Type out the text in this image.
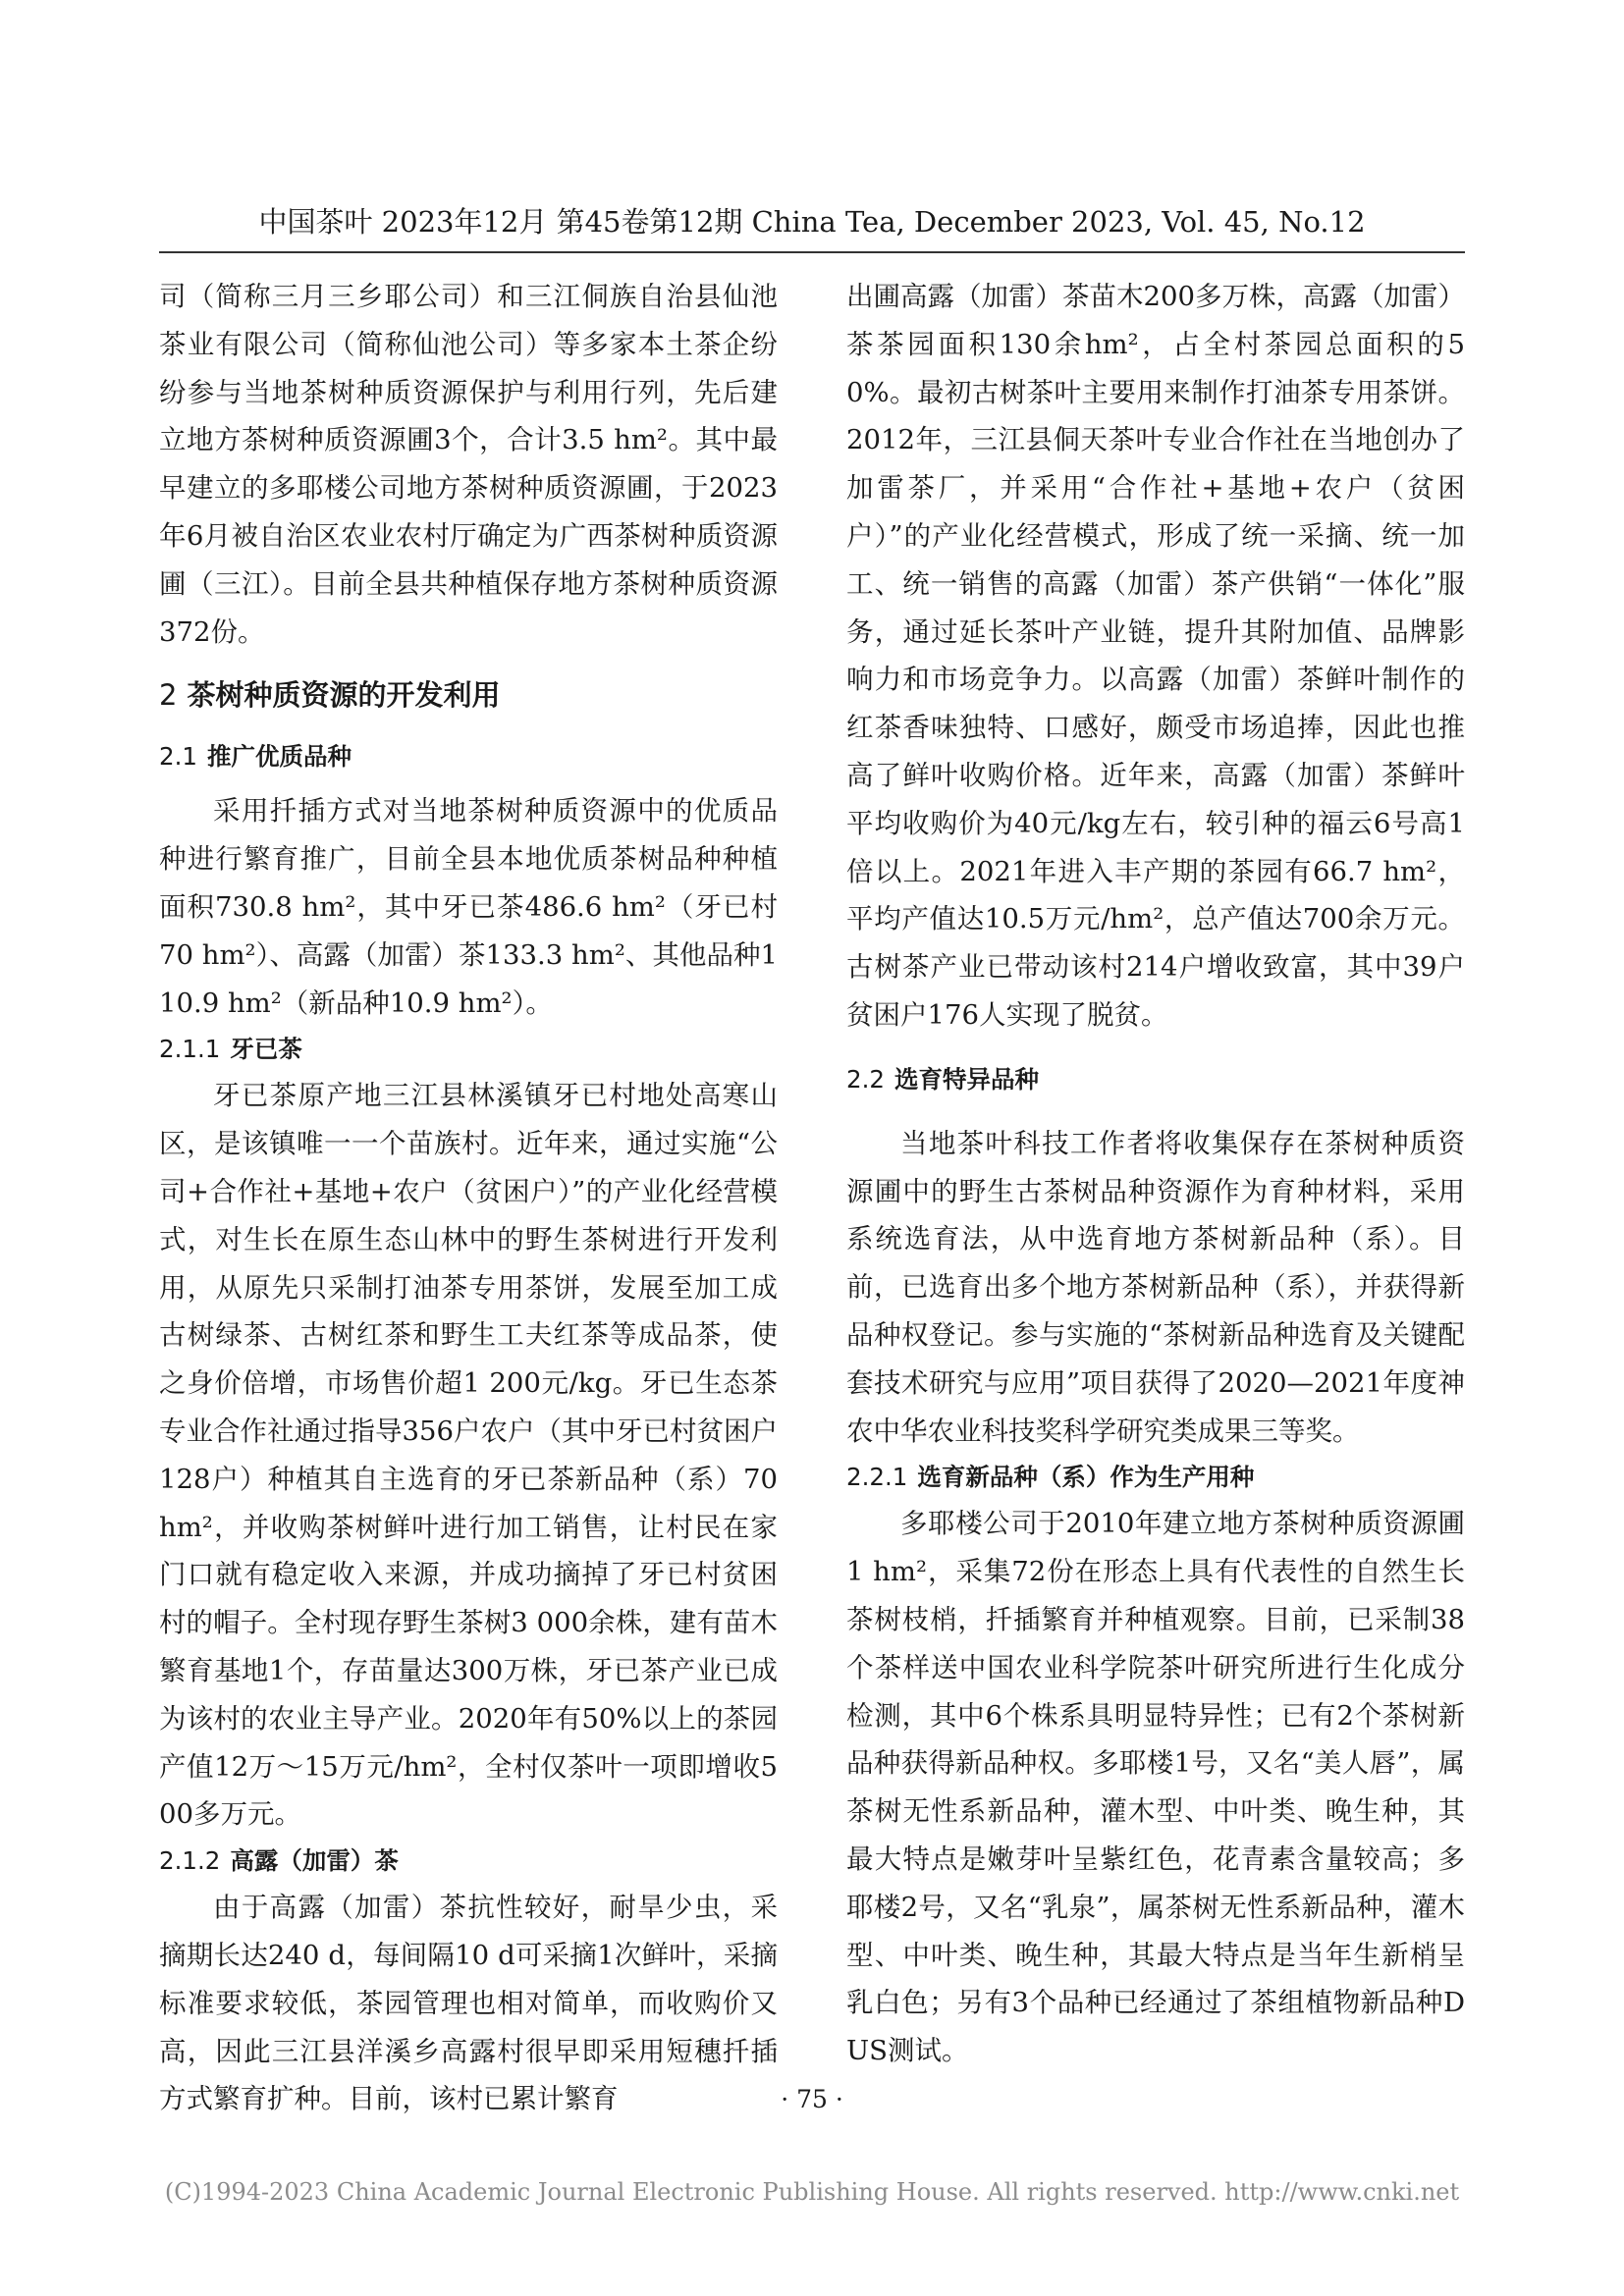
中国茶叶 2023年12月 第45卷第12期 China Tea, December 2023, Vol. 45, No.12

司（简称三月三乡耶公司）和三江侗族自治县仙池茶业有限公司（简称仙池公司）等多家本土茶企纷纷参与当地茶树种质资源保护与利用行列，先后建立地方茶树种质资源圃3个，合计3.5 hm²。其中最早建立的多耶楼公司地方茶树种质资源圃，于2023年6月被自治区农业农村厅确定为广西茶树种质资源圃（三江）。目前全县共种植保存地方茶树种质资源372份。

2 茶树种质资源的开发利用

2.1 推广优质品种

采用扦插方式对当地茶树种质资源中的优质品种进行繁育推广，目前全县本地优质茶树品种种植面积730.8 hm²，其中牙已茶486.6 hm²（牙已村70 hm²）、高露（加雷）茶133.3 hm²、其他品种110.9 hm²（新品种10.9 hm²）。

2.1.1 牙已茶

牙已茶原产地三江县林溪镇牙已村地处高寒山区，是该镇唯一一个苗族村。近年来，通过实施“公司+合作社+基地+农户（贫困户）”的产业化经营模式，对生长在原生态山林中的野生茶树进行开发利用，从原先只采制打油茶专用茶饼，发展至加工成古树绿茶、古树红茶和野生工夫红茶等成品茶，使之身价倍增，市场售价超1 200元/kg。牙已生态茶专业合作社通过指导356户农户（其中牙已村贫困户128户）种植其自主选育的牙已茶新品种（系）70 hm²，并收购茶树鲜叶进行加工销售，让村民在家门口就有稳定收入来源，并成功摘掉了牙已村贫困村的帽子。全村现存野生茶树3 000余株，建有苗木繁育基地1个，存苗量达300万株，牙已茶产业已成为该村的农业主导产业。2020年有50%以上的茶园产值12万～15万元/hm²，全村仅茶叶一项即增收500多万元。

2.1.2 高露（加雷）茶

由于高露（加雷）茶抗性较好，耐旱少虫，采摘期长达240 d，每间隔10 d可采摘1次鲜叶，采摘标准要求较低，茶园管理也相对简单，而收购价又高，因此三江县洋溪乡高露村很早即采用短穗扦插方式繁育扩种。目前，该村已累计繁育

出圃高露（加雷）茶苗木200多万株，高露（加雷）茶茶园面积130余hm²，占全村茶园总面积的50%。最初古树茶叶主要用来制作打油茶专用茶饼。2012年，三江县侗天茶叶专业合作社在当地创办了加雷茶厂，并采用“合作社+基地+农户（贫困户）”的产业化经营模式，形成了统一采摘、统一加工、统一销售的高露（加雷）茶产供销“一体化”服务，通过延长茶叶产业链，提升其附加值、品牌影响力和市场竞争力。以高露（加雷）茶鲜叶制作的红茶香味独特、口感好，颇受市场追捧，因此也推高了鲜叶收购价格。近年来，高露（加雷）茶鲜叶平均收购价为40元/kg左右，较引种的福云6号高1倍以上。2021年进入丰产期的茶园有66.7 hm²，平均产值达10.5万元/hm²，总产值达700余万元。古树茶产业已带动该村214户增收致富，其中39户贫困户176人实现了脱贫。

2.2 选育特异品种

当地茶叶科技工作者将收集保存在茶树种质资源圃中的野生古茶树品种资源作为育种材料，采用系统选育法，从中选育地方茶树新品种（系）。目前，已选育出多个地方茶树新品种（系），并获得新品种权登记。参与实施的“茶树新品种选育及关键配套技术研究与应用”项目获得了2020—2021年度神农中华农业科技奖科学研究类成果三等奖。

2.2.1 选育新品种（系）作为生产用种

多耶楼公司于2010年建立地方茶树种质资源圃1 hm²，采集72份在形态上具有代表性的自然生长茶树枝梢，扦插繁育并种植观察。目前，已采制38个茶样送中国农业科学院茶叶研究所进行生化成分检测，其中6个株系具明显特异性；已有2个茶树新品种获得新品种权。多耶楼1号，又名“美人唇”，属茶树无性系新品种，灌木型、中叶类、晚生种，其最大特点是嫩芽叶呈紫红色，花青素含量较高；多耶楼2号，又名“乳泉”，属茶树无性系新品种，灌木型、中叶类、晚生种，其最大特点是当年生新梢呈乳白色；另有3个品种已经通过了茶组植物新品种DUS测试。

· 75 ·
(C)1994-2023 China Academic Journal Electronic Publishing House. All rights reserved. http://www.cnki.net
